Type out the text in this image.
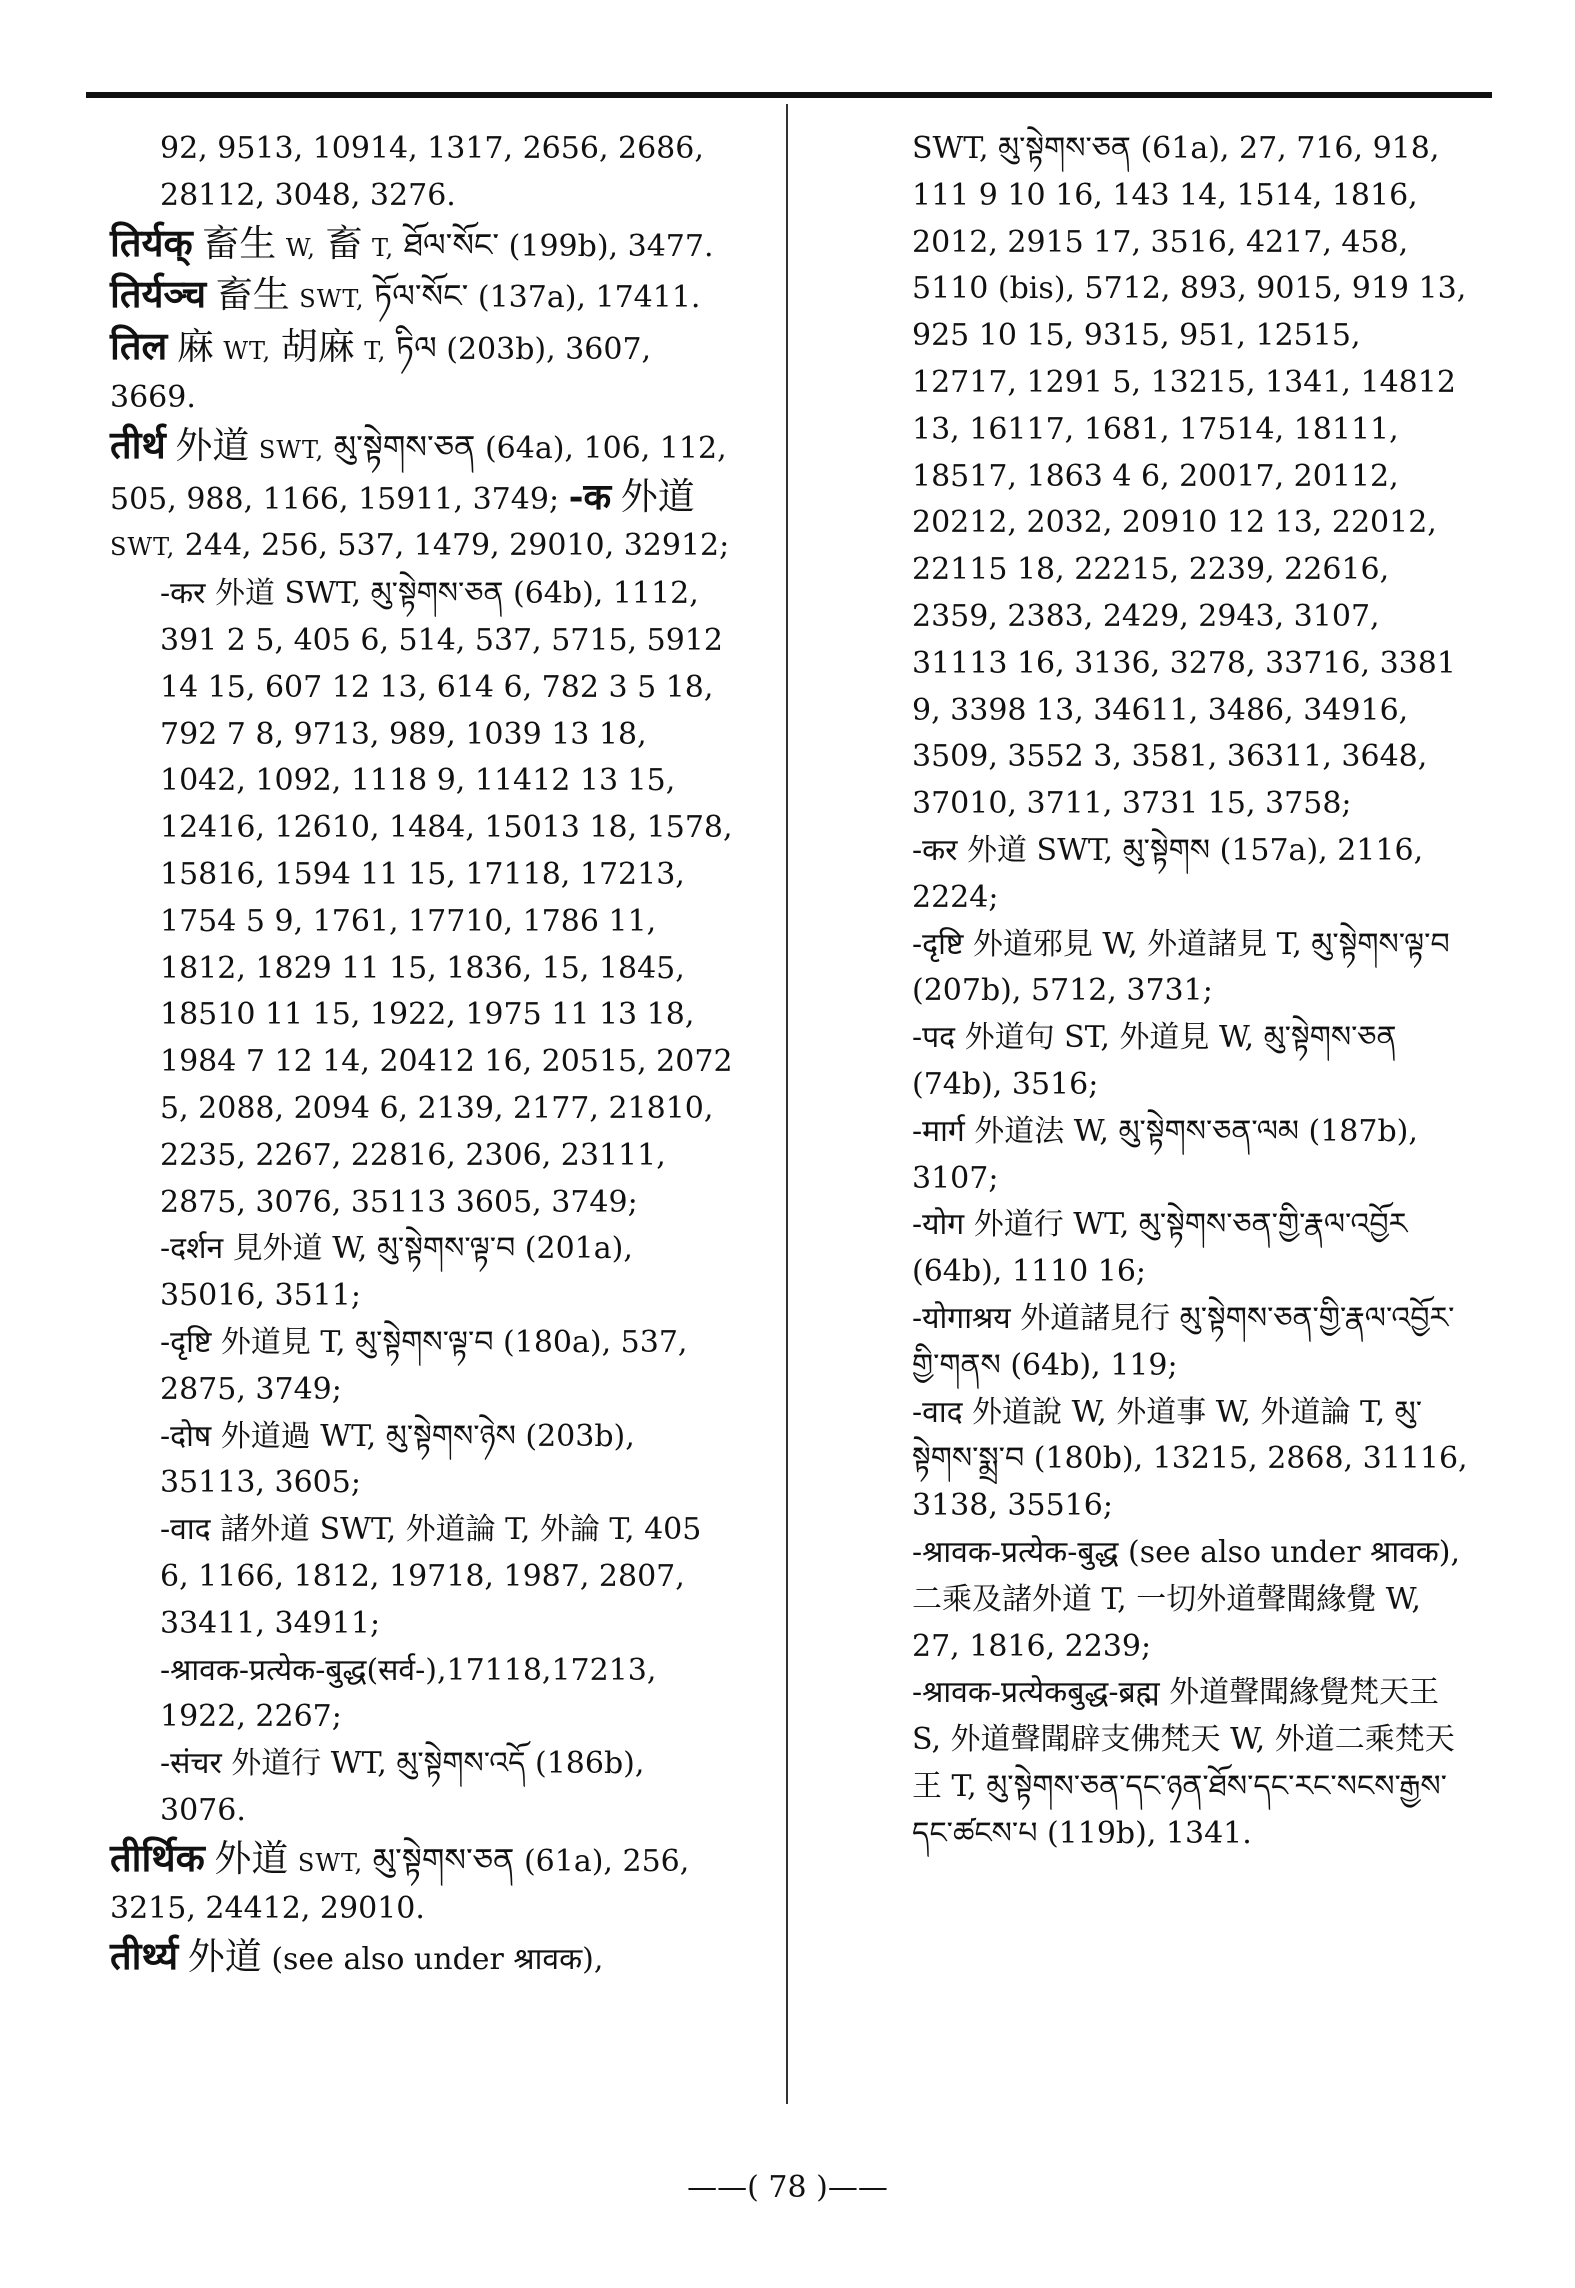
92, 9513, 10914, 1317, 2656, 2686, 28112, 3048, 3276.

तिर्यक् 畜生 W, 畜 T, ཐོལ་སོང་ (199b), 3477.

तिर्यञ्च 畜生 SWT, ཏོལ་སོང་ (137a), 17411.

तिल 麻 WT, 胡麻 T, ཏིལ (203b), 3607, 3669.

तीर्थ 外道 SWT, མུ་སྟེགས་ཅན (64a), 106, 112, 505, 988, 1166, 15911, 3749; -क 外道 SWT, 244, 256, 537, 1479, 29010, 32912;

-कर 外道 SWT, མུ་སྟེགས་ཅན (64b), 1112, 391 2 5, 405 6, 514, 537, 5715, 5912 14 15, 607 12 13, 614 6, 782 3 5 18, 792 7 8, 9713, 989, 1039 13 18, 1042, 1092, 1118 9, 11412 13 15, 12416, 12610, 1484, 15013 18, 1578, 15816, 1594 11 15, 17118, 17213, 1754 5 9, 1761, 17710, 1786 11, 1812, 1829 11 15, 1836, 15, 1845, 18510 11 15, 1922, 1975 11 13 18, 1984 7 12 14, 20412 16, 20515, 2072 5, 2088, 2094 6, 2139, 2177, 21810, 2235, 2267, 22816, 2306, 23111, 2875, 3076, 35113 3605, 3749;

-दर्शन 見外道 W, མུ་སྟེགས་ལྟ་བ (201a), 35016, 3511;

-दृष्टि 外道見 T, མུ་སྟེགས་ལྟ་བ (180a), 537, 2875, 3749;

-दोष 外道過 WT, མུ་སྟེགས་ཉེས (203b), 35113, 3605;

-वाद 諸外道 SWT, 外道論 T, 外論 T, 405 6, 1166, 1812, 19718, 1987, 2807, 33411, 34911;

-श्रावक-प्रत्येक-बुद्ध(सर्व-),17118,17213, 1922, 2267;

-संचर 外道行 WT, མུ་སྟེགས་འདོ (186b), 3076.

तीर्थिक 外道 SWT, མུ་སྟེགས་ཅན (61a), 256, 3215, 24412, 29010.

तीर्थ्य 外道 (see also under श्रावक),

SWT, མུ་སྟེགས་ཅན (61a), 27, 716, 918, 111 9 10 16, 143 14, 1514, 1816, 2012, 2915 17, 3516, 4217, 458, 5110 (bis), 5712, 893, 9015, 919 13, 925 10 15, 9315, 951, 12515, 12717, 1291 5, 13215, 1341, 14812 13, 16117, 1681, 17514, 18111, 18517, 1863 4 6, 20017, 20112, 20212, 2032, 20910 12 13, 22012, 22115 18, 22215, 2239, 22616, 2359, 2383, 2429, 2943, 3107, 31113 16, 3136, 3278, 33716, 3381 9, 3398 13, 34611, 3486, 34916, 3509, 3552 3, 3581, 36311, 3648, 37010, 3711, 3731 15, 3758;

-कर 外道 SWT, མུ་སྟེགས (157a), 2116, 2224;

-दृष्टि 外道邪見 W, 外道諸見 T, མུ་སྟེགས་ལྟ་བ (207b), 5712, 3731;

-पद 外道句 ST, 外道見 W, མུ་སྟེགས་ཅན (74b), 3516;

-मार्ग 外道法 W, མུ་སྟེགས་ཅན་ལམ (187b), 3107;

-योग 外道行 WT, མུ་སྟེགས་ཅན་གྱི་རྣལ་འབྱོར (64b), 1110 16;

-योगाश्रय 外道諸見行 མུ་སྟེགས་ཅན་གྱི་རྣལ་འབྱོར་གྱི་གནས (64b), 119;

-वाद 外道說 W, 外道事 W, 外道論 T, མུ་སྟེགས་སྨྲ་བ (180b), 13215, 2868, 31116, 3138, 35516;

-श्रावक-प्रत्येक-बुद्ध (see also under श्रावक), 二乘及諸外道 T, 一切外道聲聞緣覺 W, 27, 1816, 2239;

-श्रावक-प्रत्येकबुद्ध-ब्रह्म 外道聲聞緣覺梵天王 S, 外道聲聞辟支佛梵天 W, 外道二乘梵天王 T, མུ་སྟེགས་ཅན་དང་ཉན་ཐོས་དང་རང་སངས་རྒྱས་དང་ཚངས་པ (119b), 1341.

——( 78 )——
